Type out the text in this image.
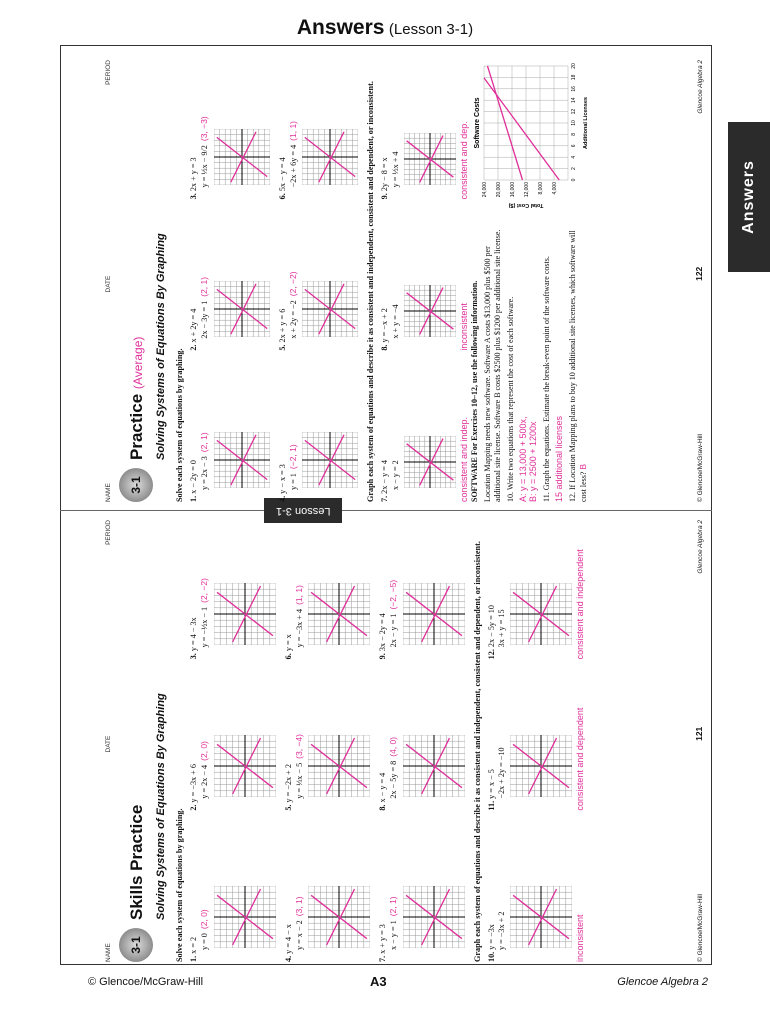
Answers (Lesson 3-1)
Answers
Lesson 3-1
NAME
DATE
PERIOD
3-1
Practice (Average) Solving Systems of Equations By Graphing Solve each system of equations by graphing. 1. x − 2y = 0 y = 2x − 3(2, 1)
2. x + 2y = 4 2x − 3y = 1(2, 1)
3. 2x + y = 3 y = ½x − 9/2(3, −3)
4. y − x = 3 y = 1(−2, 1)
5. 2x + y = 6 x + 2y = −2(2, −2)
6. 5x − y = 4 −2x + 6y = 4(1, 1)	Graph each system of equations and describe it as consistent and independent, consistent and dependent, or inconsistent. 7. 2x − y = 4
x − y = 2	consistent and indep.
8. y = −x + 2
x + y = −4	inconsistent
9. 2y − 8 = x
y = ½x + 4	consistent and dep.

SOFTWARE For Exercises 10–12, use the following information. Location Mapping needs new software. Software A costs $13,000 plus $500 per additional site license. Software B costs $2500 plus $1200 per additional site license. 10. Write two equations that represent the cost of each software. A: y = 13,000 + 500x, B: y = 2500 + 1200x 11. Graph the equations. Estimate the break-even point of the software costs. 15 additional licenses 12. If Location Mapping plans to buy 10 additional site licenses, which software will cost less? B

Software Costs
0
2
4
6
8
10
12
14
16
18
20
4,000
8,000
12,000
16,000
20,000
24,000
Additional Licenses
Total Cost ($)
© Glencoe/McGraw-Hill
122
Glencoe Algebra 2
NAME
DATE
PERIOD
3-1
Skills Practice Solving Systems of Equations By Graphing Solve each system of equations by graphing. 1. x = 2 y = 0(2, 0)
2. y = −3x + 6 y = 2x − 4(2, 0)
3. y = 4 − 3x y = −½x − 1(2, −2)
4. y = 4 − x y = x − 2(3, 1)
5. y = −2x + 2 y = ⅓x − 5(3, −4)
6. y = x y = −3x + 4(1, 1)
7. x + y = 3 x − y = 1(2, 1)
8. x − y = 4 2x − 5y = 8(4, 0)
9. 3x − 2y = 4 2x − y = 1(−2, −5)	Graph each system of equations and describe it as consistent and independent, consistent and dependent, or inconsistent. 10. y = −3x
y = −3x + 2	inconsistent
11. y = x − 5
−2x + 2y = −10	consistent and dependent
12. 2x − 5y = 10
3x + y = 15	consistent and independent
© Glencoe/McGraw-Hill
121
Glencoe Algebra 2
© Glencoe/McGraw-Hill	A3	Glencoe Algebra 2
